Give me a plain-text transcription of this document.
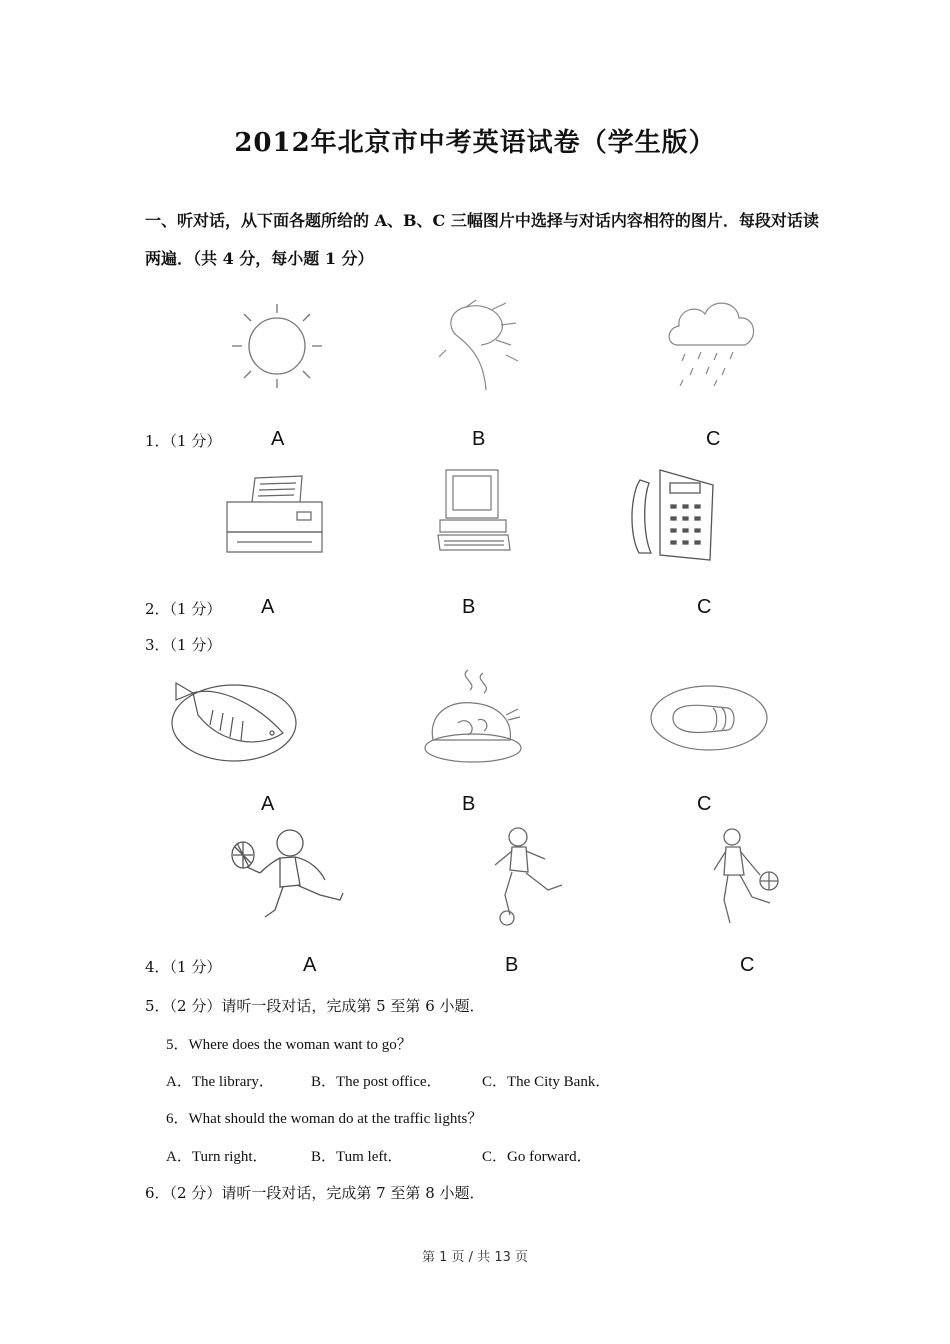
2012年北京市中考英语试卷（学生版）
一、听对话，从下面各题所给的 A、B、C 三幅图片中选择与对话内容相符的图片．每段对话读两遍．（共 4 分，每小题 1 分）
1．（1 分） A	B	C
2．（1 分） A	B	C
3．（1 分）
A	B	C
4．（1 分）	A	B	C
5．（2 分）请听一段对话，完成第 5 至第 6 小题．
5．Where does the woman want to go？
A．The library． B．The post office．	C．The City Bank．
6．What should the woman do at the traffic lights？
A．Turn right．	B．Tum left．	C．Go forward．
6．（2 分）请听一段对话，完成第 7 至第 8 小题．
第 1 页 / 共 13 页
